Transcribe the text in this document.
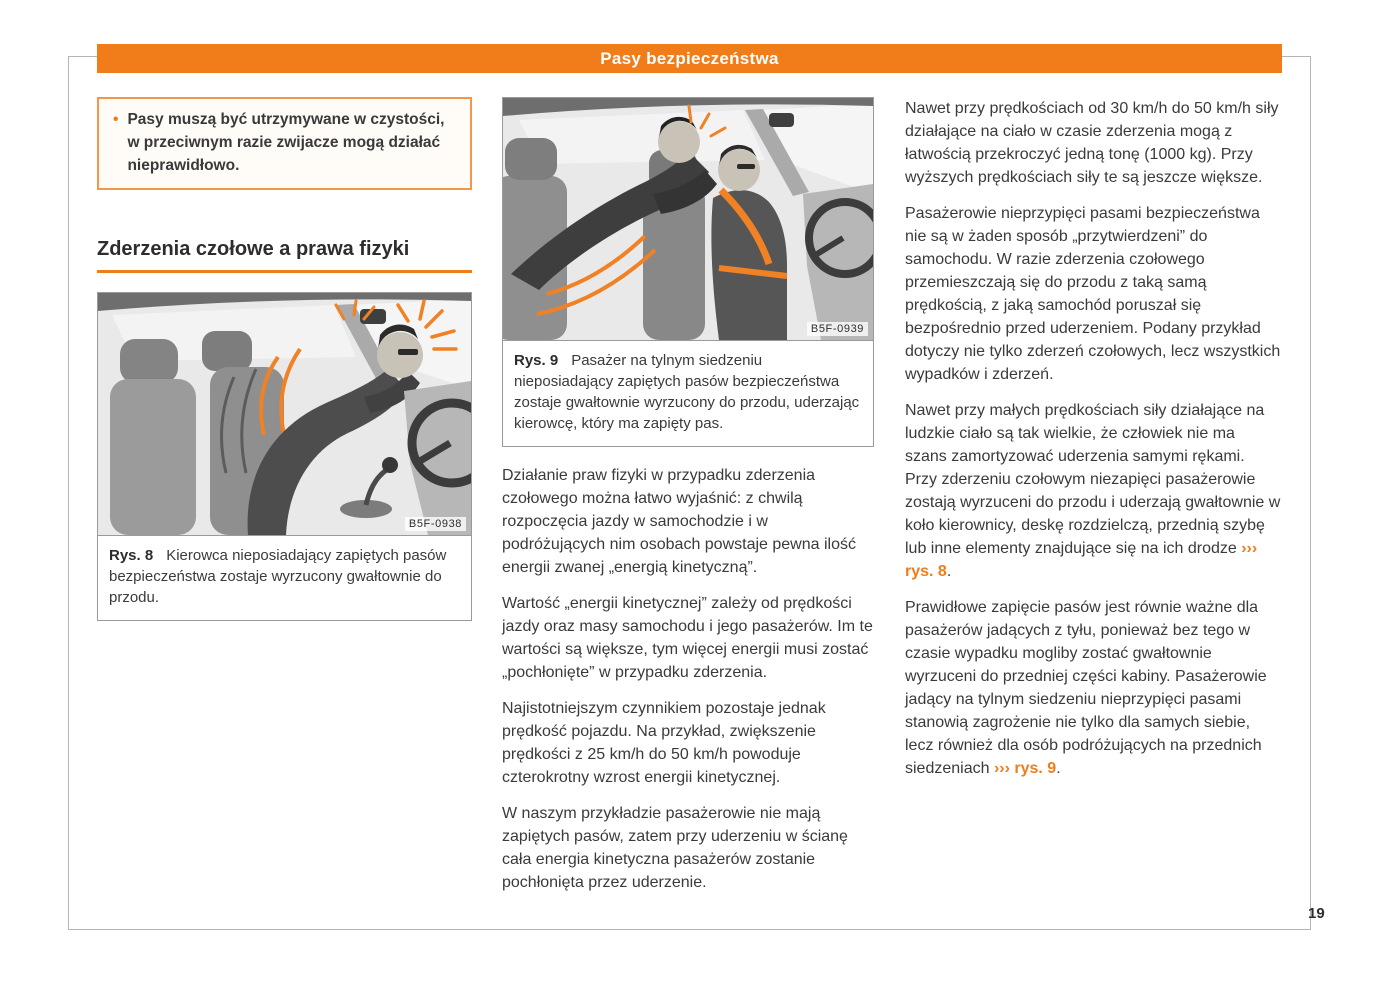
Pasy bezpieczeństwa
• Pasy muszą być utrzymywane w czystości, w przeciwnym razie zwijacze mogą działać nieprawidłowo.
Zderzenia czołowe a prawa fizyki
B5F-0938
Rys. 8 Kierowca nieposiadający zapiętych pasów bezpieczeństwa zostaje wyrzucony gwałtownie do przodu.
B5F-0939
Rys. 9 Pasażer na tylnym siedzeniu nieposiadający zapiętych pasów bezpieczeństwa zostaje gwałtownie wyrzucony do przodu, uderzając kierowcę, który ma zapięty pas.

Działanie praw fizyki w przypadku zderzenia czołowego można łatwo wyjaśnić: z chwilą rozpoczęcia jazdy w samochodzie i w podróżujących nim osobach powstaje pewna ilość energii zwanej „energią kinetyczną”.

Wartość „energii kinetycznej” zależy od prędkości jazdy oraz masy samochodu i jego pasażerów. Im te wartości są większe, tym więcej energii musi zostać „pochłonięte” w przypadku zderzenia.

Najistotniejszym czynnikiem pozostaje jednak prędkość pojazdu. Na przykład, zwiększenie prędkości z 25 km/h do 50 km/h powoduje czterokrotny wzrost energii kinetycznej.

W naszym przykładzie pasażerowie nie mają zapiętych pasów, zatem przy uderzeniu w ścianę cała energia kinetyczna pasażerów zostanie pochłonięta przez uderzenie.

Nawet przy prędkościach od 30 km/h do 50 km/h siły działające na ciało w czasie zderzenia mogą z łatwością przekroczyć jedną tonę (1000 kg). Przy wyższych prędkościach siły te są jeszcze większe.

Pasażerowie nieprzypięci pasami bezpieczeństwa nie są w żaden sposób „przytwierdzeni” do samochodu. W razie zderzenia czołowego przemieszczają się do przodu z taką samą prędkością, z jaką samochód poruszał się bezpośrednio przed uderzeniem. Podany przykład dotyczy nie tylko zderzeń czołowych, lecz wszystkich wypadków i zderzeń.

Nawet przy małych prędkościach siły działające na ludzkie ciało są tak wielkie, że człowiek nie ma szans zamortyzować uderzenia samymi rękami. Przy zderzeniu czołowym niezapięci pasażerowie zostają wyrzuceni do przodu i uderzają gwałtownie w koło kierownicy, deskę rozdzielczą, przednią szybę lub inne elementy znajdujące się na ich drodze ››› rys. 8.

Prawidłowe zapięcie pasów jest równie ważne dla pasażerów jadących z tyłu, ponieważ bez tego w czasie wypadku mogliby zostać gwałtownie wyrzuceni do przedniej części kabiny. Pasażerowie jadący na tylnym siedzeniu nieprzypięci pasami stanowią zagrożenie nie tylko dla samych siebie, lecz również dla osób podróżujących na przednich siedzeniach ››› rys. 9.

19
